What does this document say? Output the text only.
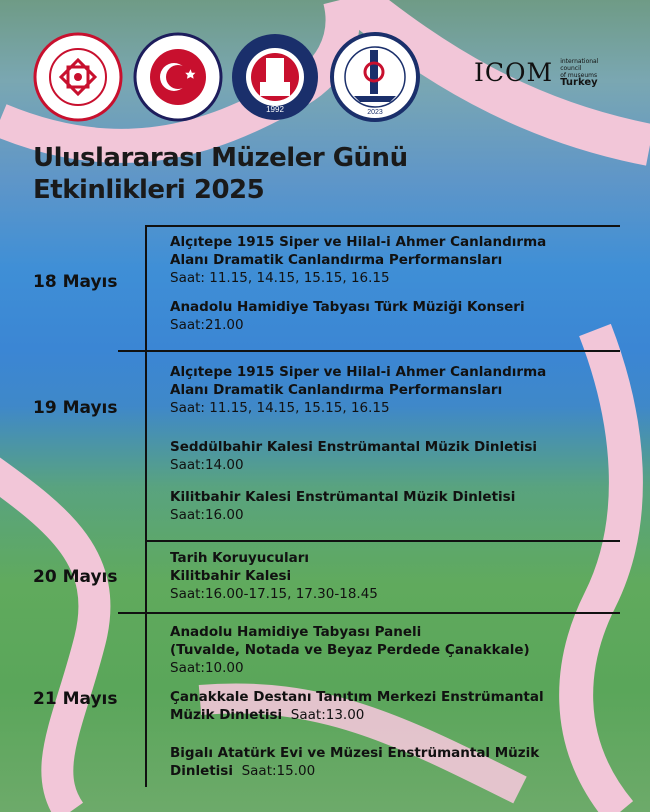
1992	2023
ICOM international
council
of museums
Turkey
Uluslararası Müzeler Günü
Etkinlikleri 2025
18 Mayıs
19 Mayıs
20 Mayıs
21 Mayıs
Alçıtepe 1915 Siper ve Hilal-i Ahmer Canlandırma
Alanı Dramatik Canlandırma Performansları
Saat: 11.15, 14.15, 15.15, 16.15
Anadolu Hamidiye Tabyası Türk Müziği Konseri
Saat:21.00
Alçıtepe 1915 Siper ve Hilal-i Ahmer Canlandırma
Alanı Dramatik Canlandırma Performansları
Saat: 11.15, 14.15, 15.15, 16.15
Seddülbahir Kalesi Enstrümantal Müzik Dinletisi
Saat:14.00
Kilitbahir Kalesi Enstrümantal Müzik Dinletisi
Saat:16.00
Tarih Koruyucuları
Kilitbahir Kalesi
Saat:16.00-17.15, 17.30-18.45
Anadolu Hamidiye Tabyası Paneli
(Tuvalde, Notada ve Beyaz Perdede Çanakkale)
Saat:10.00
Çanakkale Destanı Tanıtım Merkezi Enstrümantal
Müzik Dinletisi Saat:13.00
Bigalı Atatürk Evi ve Müzesi Enstrümantal Müzik
Dinletisi Saat:15.00
